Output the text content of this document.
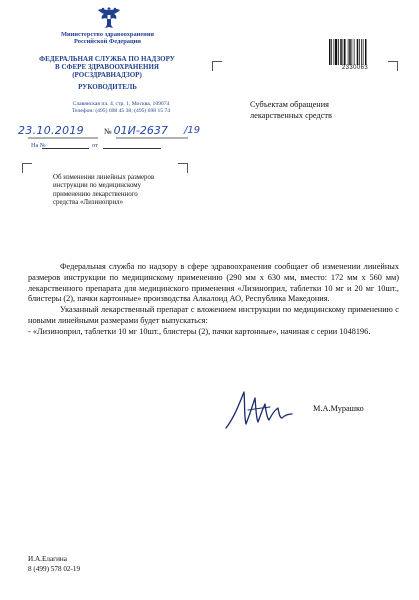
Министерство здравоохранения
Российской Федерации
ФЕДЕРАЛЬНАЯ СЛУЖБА ПО НАДЗОРУ
В СФЕРЕ ЗДРАВООХРАНЕНИЯ
(РОСЗДРАВНАДЗОР)
РУКОВОДИТЕЛЬ
Славянская пл. 4, стр. 1, Москва, 109074
Телефон: (495) 698 45 38; (495) 698 15 74
23.10.2019	№ 01И-2637 /19
На №	от
2330063
Субъектам обращения
лекарственных средств
Об изменении линейных размеров
инструкции по медицинскому
применению лекарственного
средства «Лизиноприл»

Федеральная служба по надзору в сфере здравоохранения сообщает об изменении линейных размеров инструкции по медицинскому применению (290 мм х 630 мм, вместо: 172 мм х 560 мм) лекарственного препарата для медицинского применения «Лизиноприл, таблетки 10 мг и 20 мг 10шт., блистеры (2), пачки картонные» производства Алкалоид АО, Республика Македония.

Указанный лекарственный препарат с вложением инструкции по медицинскому применению с новыми линейными размерами будет выпускаться:

- «Лизиноприл, таблетки 10 мг 10шт., блистеры (2), пачки картонные», начиная с серии 1048196.

М.А.Мурашко
И.А.Елагина
8 (499) 578 02-19
